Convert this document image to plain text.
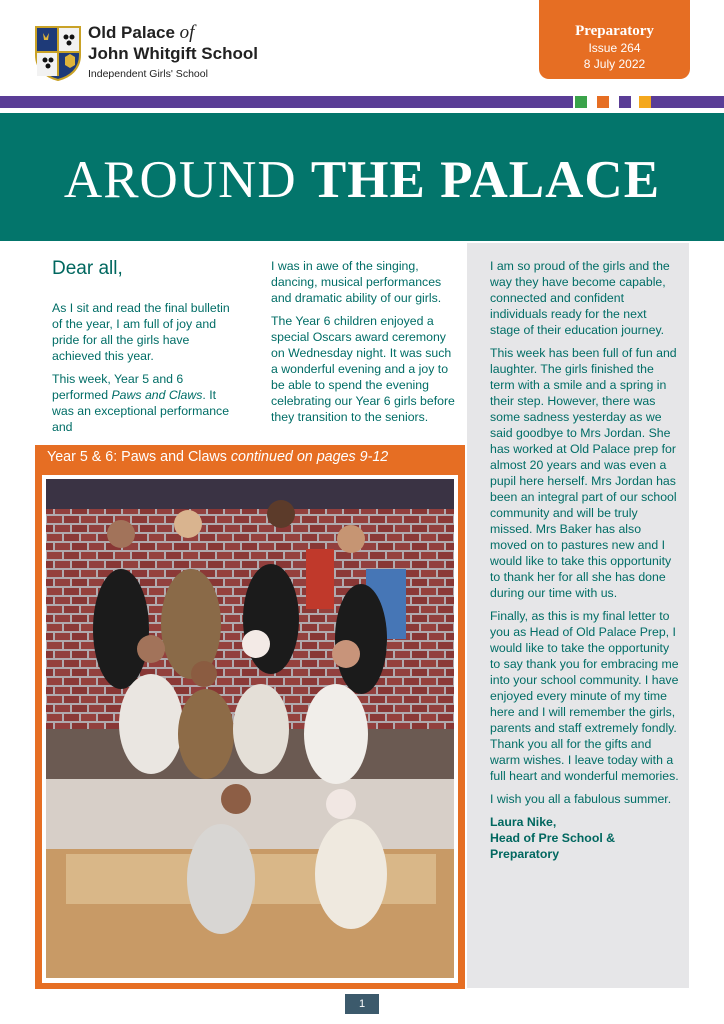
Old Palace of
John Whitgift School
Independent Girls' School
Preparatory
Issue 264
8 July 2022
AROUND THE PALACE
Dear all,

As I sit and read the final bulletin of the year, I am full of joy and pride for all the girls have achieved this year.

This week, Year 5 and 6 performed Paws and Claws. It was an exceptional performance and

I was in awe of the singing, dancing, musical performances and dramatic ability of our girls.

The Year 6 children enjoyed a special Oscars award ceremony on Wednesday night. It was such a wonderful evening and a joy to be able to spend the evening celebrating our Year 6 girls before they transition to the seniors.

I am so proud of the girls and the way they have become capable, connected and confident individuals ready for the next stage of their education journey.

This week has been full of fun and laughter. The girls finished the term with a smile and a spring in their step. However, there was some sadness yesterday as we said goodbye to Mrs Jordan. She has worked at Old Palace prep for almost 20 years and was even a pupil here herself. Mrs Jordan has been an integral part of our school community and will be truly missed. Mrs Baker has also moved on to pastures new and I would like to take this opportunity to thank her for all she has done during our time with us.

Finally, as this is my final letter to you as Head of Old Palace Prep, I would like to take the opportunity to say thank you for embracing me into your school community. I have enjoyed every minute of my time here and I will remember the girls, parents and staff extremely fondly. Thank you all for the gifts and warm wishes. I leave today with a full heart and wonderful memories.

I wish you all a fabulous summer.

Laura Nike,
Head of Pre School & Preparatory
Year 5 & 6: Paws and Claws continued on pages 9-12
1
